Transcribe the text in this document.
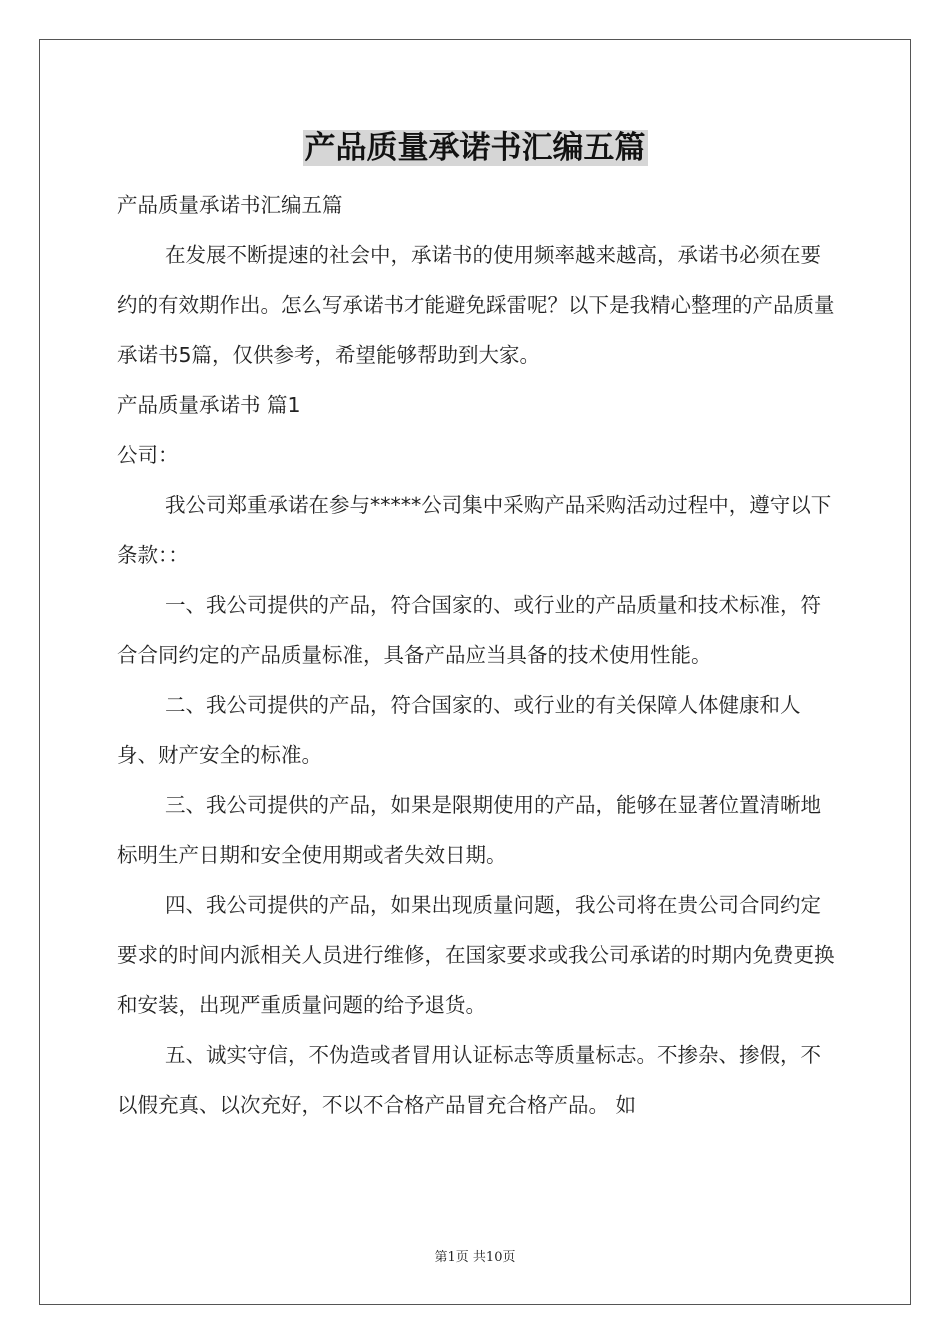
产品质量承诺书汇编五篇

产品质量承诺书汇编五篇

在发展不断提速的社会中，承诺书的使用频率越来越高，承诺书必须在要约的有效期作出。怎么写承诺书才能避免踩雷呢？以下是我精心整理的产品质量承诺书5篇，仅供参考，希望能够帮助到大家。

产品质量承诺书 篇1

公司：

我公司郑重承诺在参与*****公司集中采购产品采购活动过程中，遵守以下条款：：

一、我公司提供的产品，符合国家的、或行业的产品质量和技术标准，符合合同约定的产品质量标准，具备产品应当具备的技术使用性能。

二、我公司提供的产品，符合国家的、或行业的有关保障人体健康和人身、财产安全的标准。

三、我公司提供的产品，如果是限期使用的产品，能够在显著位置清晰地标明生产日期和安全使用期或者失效日期。

四、我公司提供的产品，如果出现质量问题，我公司将在贵公司合同约定要求的时间内派相关人员进行维修，在国家要求或我公司承诺的时期内免费更换和安装，出现严重质量问题的给予退货。

五、诚实守信，不伪造或者冒用认证标志等质量标志。不掺杂、掺假，不以假充真、以次充好，不以不合格产品冒充合格产品。 如

第1页 共10页
